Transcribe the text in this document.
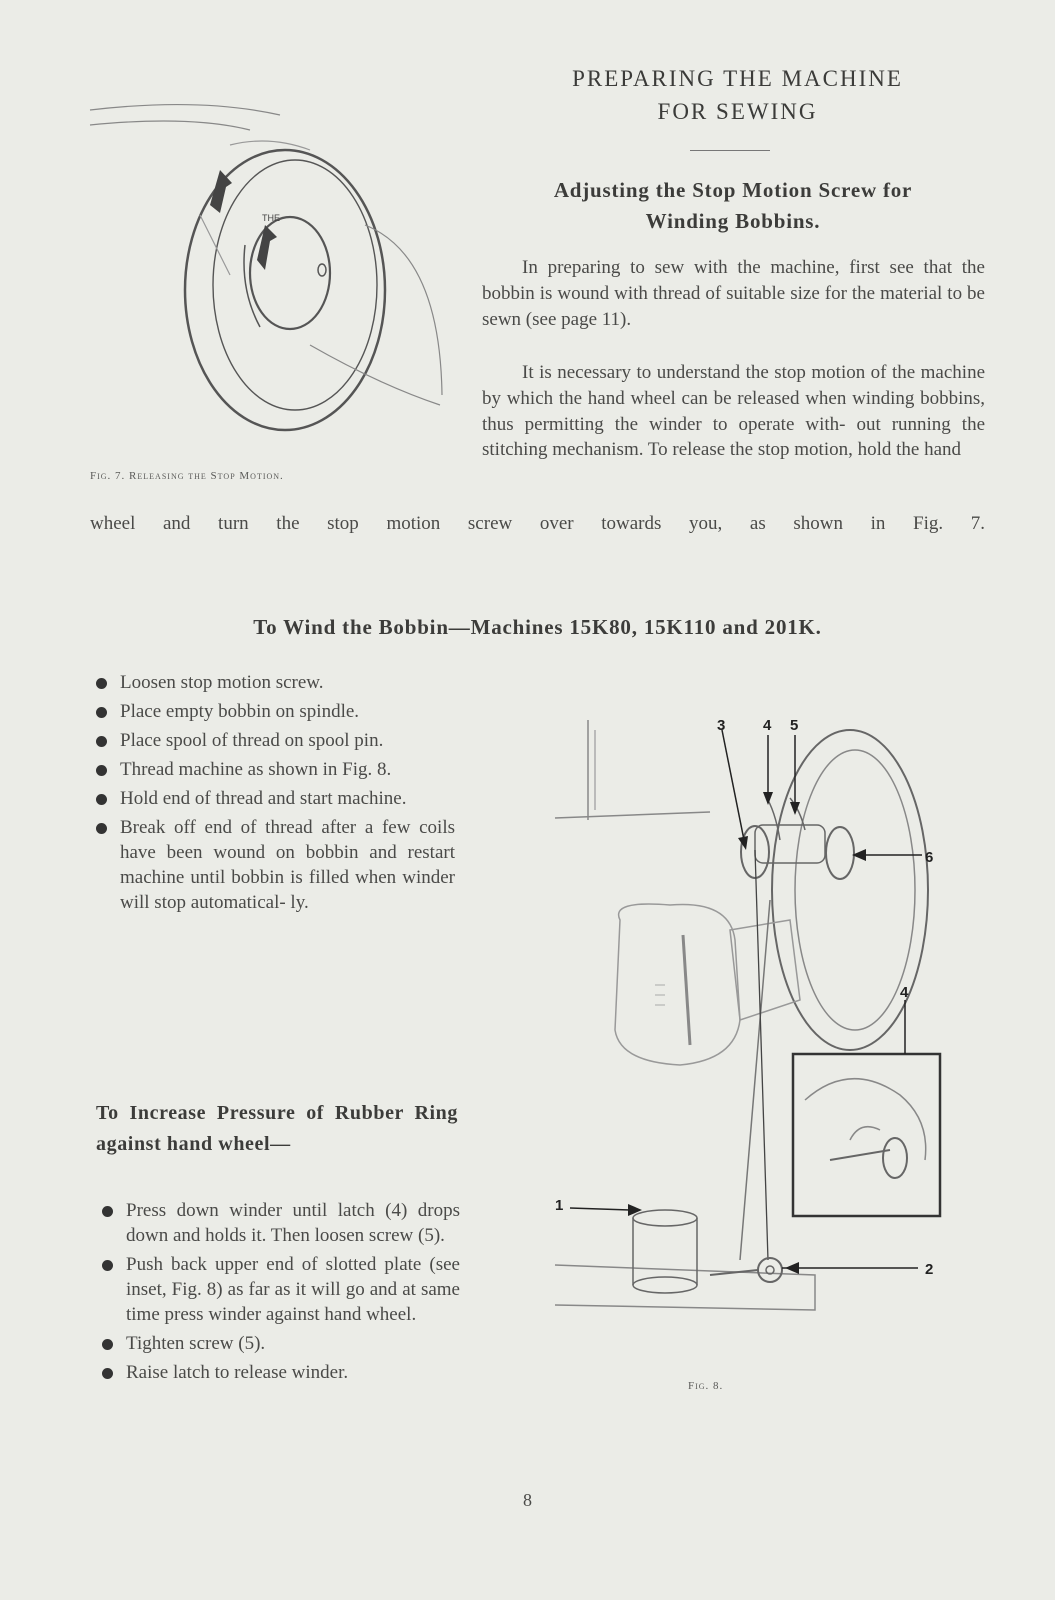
PREPARING THE MACHINE
FOR SEWING
Adjusting the Stop Motion Screw for
Winding Bobbins.

In preparing to sew with the machine, first see that the bobbin is wound with thread of suitable size for the material to be sewn (see page 11).

It is necessary to understand the stop motion of the machine by which the hand wheel can be released when winding bobbins, thus permitting the winder to operate with- out running the stitching mechanism. To release the stop motion, hold the hand

wheel and turn the stop motion screw over towards you, as shown in Fig. 7.

THE
Fig. 7. Releasing the Stop Motion.
To Wind the Bobbin—Machines 15K80, 15K110 and 201K.
Loosen stop motion screw.
Place empty bobbin on spindle.
Place spool of thread on spool pin.
Thread machine as shown in Fig. 8.
Hold end of thread and start machine.
Break off end of thread after a few coils have been wound on bobbin and restart machine until bobbin is filled when winder will stop automatical- ly.
To Increase Pressure of Rubber Ring against hand wheel—
Press down winder until latch (4) drops down and holds it. Then loosen screw (5).
Push back upper end of slotted plate (see inset, Fig. 8) as far as it will go and at same time press winder against hand wheel.
Tighten screw (5).
Raise latch to release winder.
1
2
3	4 5
6
4
Fig. 8.
8
